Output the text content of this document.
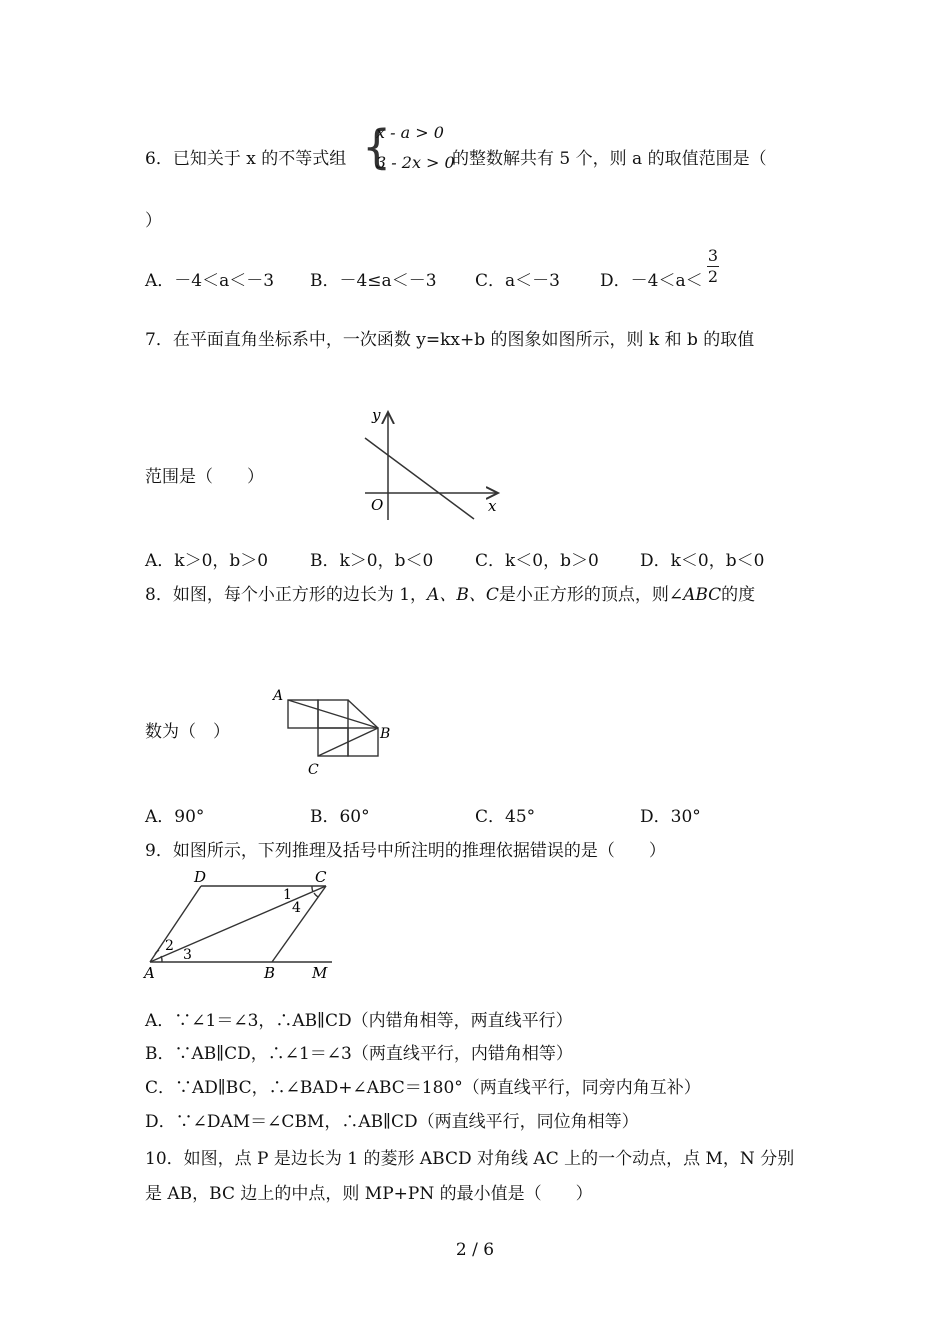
6．已知关于 x 的不等式组 {
x - a > 0
3 - 2x > 0
的整数解共有 5 个，则 a 的取值范围是（
）
A．－4＜a＜－3 B．－4≤a＜－3 C．a＜－3 D．－4＜a＜
3
2
7．在平面直角坐标系中，一次函数 y=kx+b 的图象如图所示，则 k 和 b 的取值
范围是（　　）
y
x
O
A．k＞0，b＞0 B．k＞0，b＜0 C．k＜0，b＞0 D．k＜0，b＜0
8．如图，每个小正方形的边长为 1，A、B、C是小正方形的顶点，则∠ABC的度
数为（　）
A
B
C
A．90°	B．60°	C．45°	D．30°
9．如图所示，下列推理及括号中所注明的推理依据错误的是（　　）
D	C
A	B M
1
2
3
4
A．∵∠1＝∠3，∴AB∥CD（内错角相等，两直线平行）
B．∵AB∥CD，∴∠1＝∠3（两直线平行，内错角相等）
C．∵AD∥BC，∴∠BAD+∠ABC＝180°（两直线平行，同旁内角互补）
D．∵∠DAM＝∠CBM，∴AB∥CD（两直线平行，同位角相等）
10．如图，点 P 是边长为 1 的菱形 ABCD 对角线 AC 上的一个动点，点 M，N 分别
是 AB，BC 边上的中点，则 MP+PN 的最小值是（　　）
2 / 6
